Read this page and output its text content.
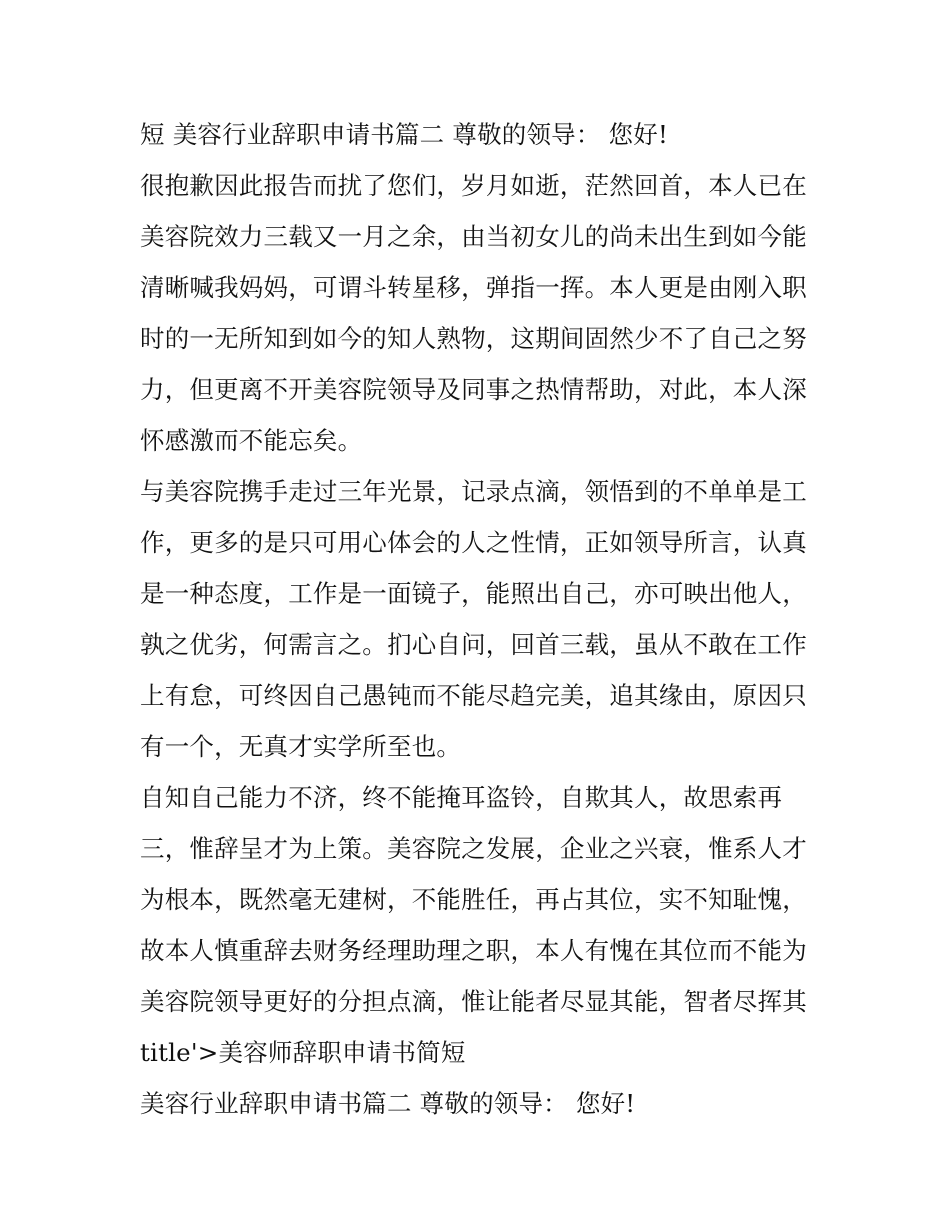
短 美容行业辞职申请书篇二 尊敬的领导： 您好!
很抱歉因此报告而扰了您们，岁月如逝，茫然回首，本人已在
美容院效力三载又一月之余，由当初女儿的尚未出生到如今能
清晰喊我妈妈，可谓斗转星移，弹指一挥。本人更是由刚入职
时的一无所知到如今的知人熟物，这期间固然少不了自己之努
力，但更离不开美容院领导及同事之热情帮助，对此，本人深
怀感激而不能忘矣。
与美容院携手走过三年光景，记录点滴，领悟到的不单单是工
作，更多的是只可用心体会的人之性情，正如领导所言，认真
是一种态度，工作是一面镜子，能照出自己，亦可映出他人，
孰之优劣，何需言之。扪心自问，回首三载，虽从不敢在工作
上有怠，可终因自己愚钝而不能尽趋完美，追其缘由，原因只
有一个，无真才实学所至也。
自知自己能力不济，终不能掩耳盗铃，自欺其人，故思索再
三，惟辞呈才为上策。美容院之发展，企业之兴衰，惟系人才
为根本，既然毫无建树，不能胜任，再占其位，实不知耻愧，
故本人慎重辞去财务经理助理之职，本人有愧在其位而不能为
美容院领导更好的分担点滴，惟让能者尽显其能，智者尽挥其
title'>美容师辞职申请书简短
美容行业辞职申请书篇二 尊敬的领导： 您好!
